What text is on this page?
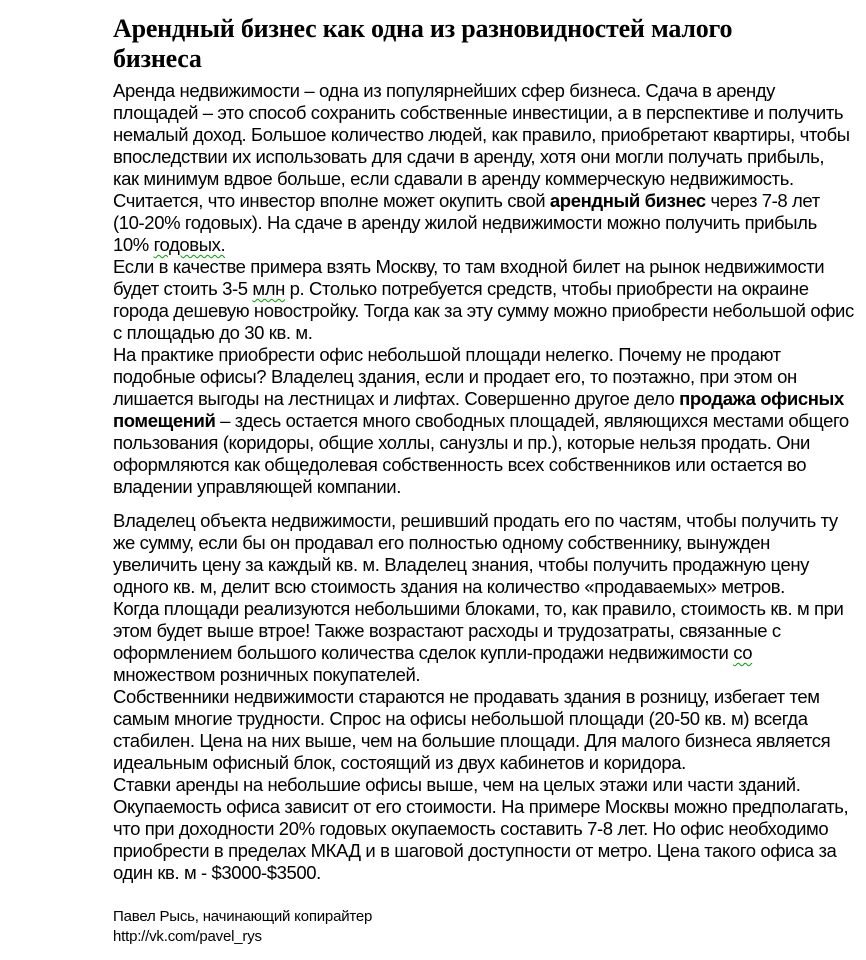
Арендный бизнес как одна из разновидностей малого бизнеса

Аренда недвижимости – одна из популярнейших сфер бизнеса. Сдача в аренду площадей – это способ сохранить собственные инвестиции, а в перспективе и получить немалый доход. Большое количество людей, как правило, приобретают квартиры, чтобы впоследствии их использовать для сдачи в аренду, хотя они могли получать прибыль, как минимум вдвое больше, если сдавали в аренду коммерческую недвижимость.

Считается, что инвестор вполне может окупить свой арендный бизнес через 7-8 лет (10-20% годовых). На сдаче в аренду жилой недвижимости можно получить прибыль 10% годовых.

Если в качестве примера взять Москву, то там входной билет на рынок недвижимости будет стоить 3-5 млн р. Столько потребуется средств, чтобы приобрести на окраине города дешевую новостройку. Тогда как за эту сумму можно приобрести небольшой офис с площадью до 30 кв. м.

На практике приобрести офис небольшой площади нелегко. Почему не продают подобные офисы? Владелец здания, если и продает его, то поэтажно, при этом он лишается выгоды на лестницах и лифтах. Совершенно другое дело продажа офисных помещений – здесь остается много свободных площадей, являющихся местами общего пользования (коридоры, общие холлы, санузлы и пр.), которые нельзя продать. Они оформляются как общедолевая собственность всех собственников или остается во владении управляющей компании.

Владелец объекта недвижимости, решивший продать его по частям, чтобы получить ту же сумму, если бы он продавал его полностью одному собственнику, вынужден увеличить цену за каждый кв. м. Владелец знания, чтобы получить продажную цену одного кв. м, делит всю стоимость здания на количество «продаваемых» метров.

Когда площади реализуются небольшими блоками, то, как правило, стоимость кв. м при этом будет выше втрое! Также возрастают расходы и трудозатраты, связанные с оформлением большого количества сделок купли-продажи недвижимости со множеством розничных покупателей.

Собственники недвижимости стараются не продавать здания в розницу, избегает тем самым многие трудности. Спрос на офисы небольшой площади (20-50 кв. м) всегда стабилен. Цена на них выше, чем на большие площади. Для малого бизнеса является идеальным офисный блок, состоящий из двух кабинетов и коридора.

Ставки аренды на небольшие офисы выше, чем на целых этажи или части зданий.

Окупаемость офиса зависит от его стоимости. На примере Москвы можно предполагать, что при доходности 20% годовых окупаемость составить 7-8 лет. Но офис необходимо приобрести в пределах МКАД и в шаговой доступности от метро. Цена такого офиса за один кв. м - $3000-$3500.

Павел Рысь, начинающий копирайтер
http://vk.com/pavel_rys
